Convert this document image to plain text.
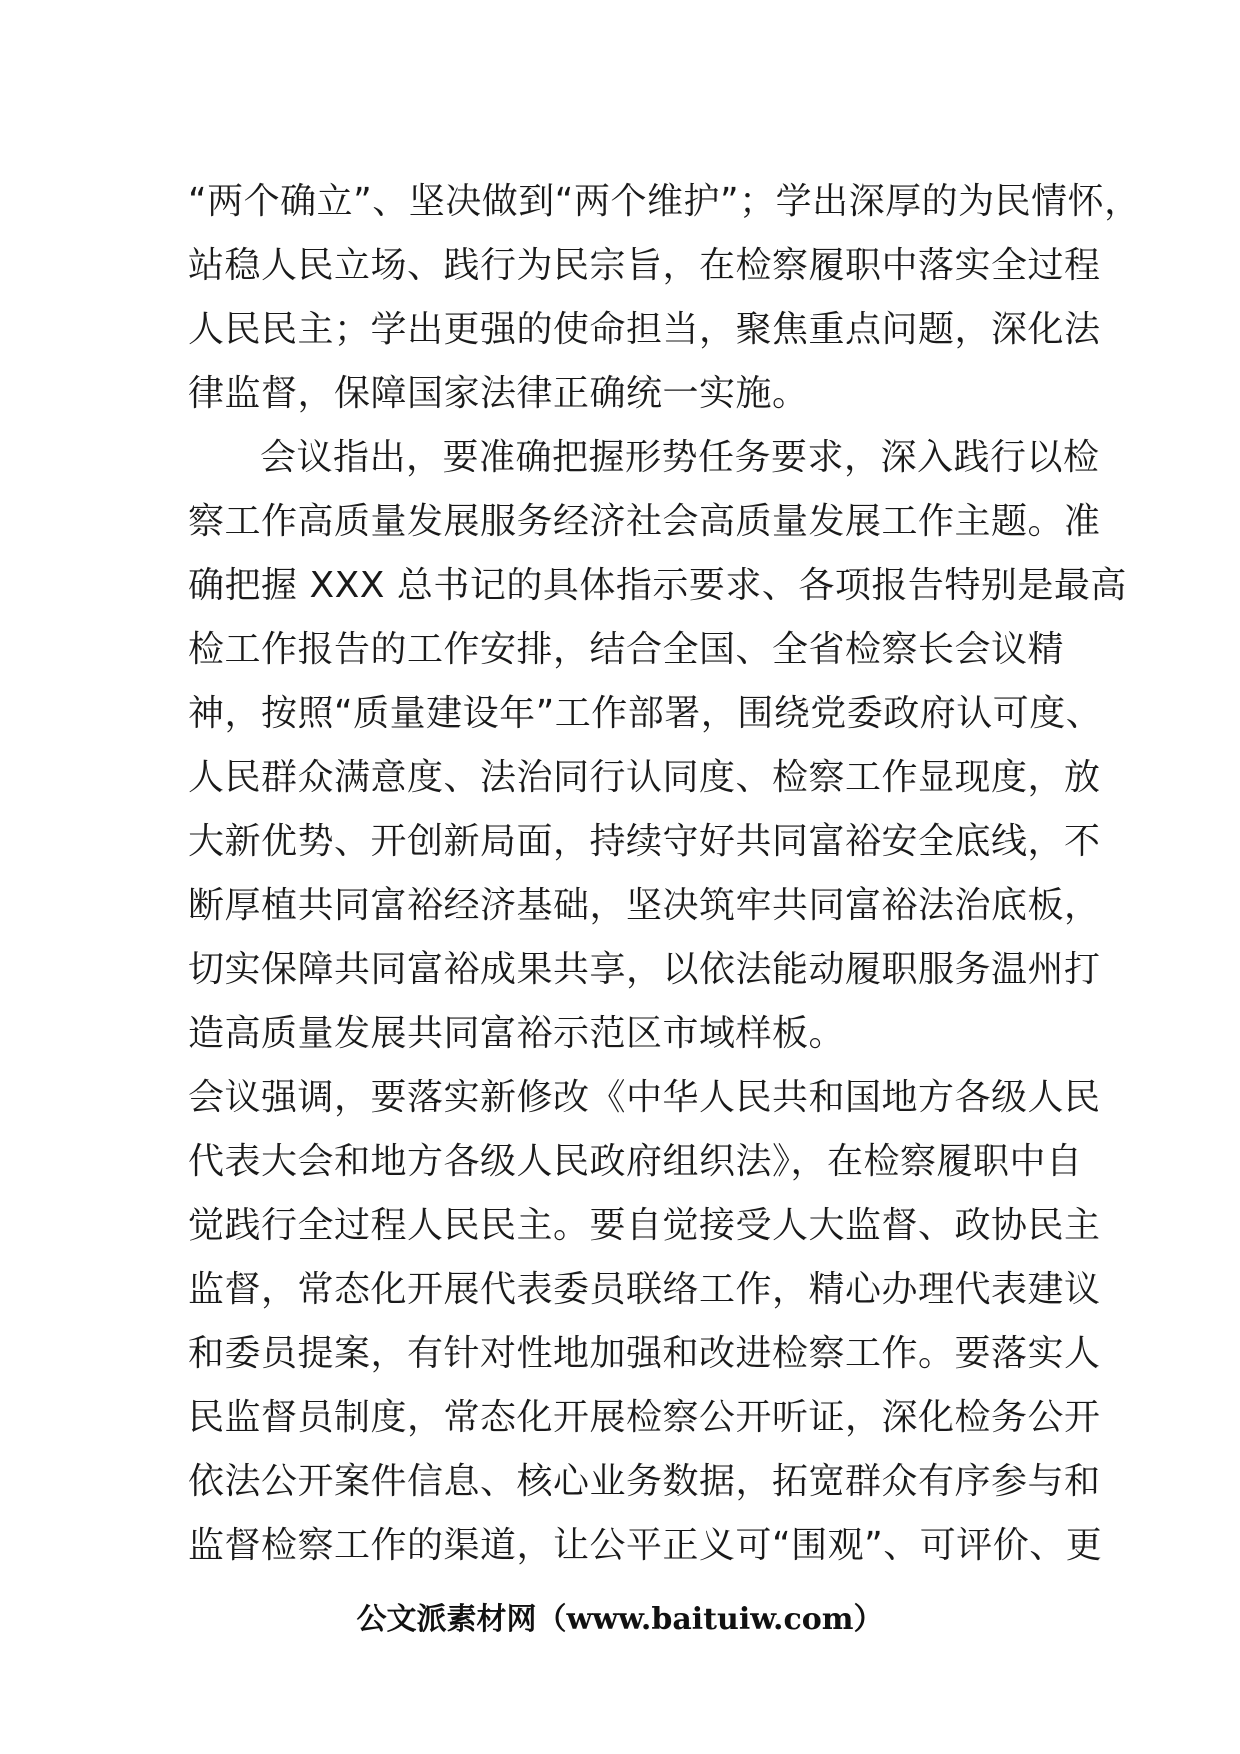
“两个确立”、坚决做到“两个维护”；学出深厚的为民情怀，
站稳人民立场、践行为民宗旨，在检察履职中落实全过程
人民民主；学出更强的使命担当，聚焦重点问题，深化法
律监督，保障国家法律正确统一实施。
会议指出，要准确把握形势任务要求，深入践行以检
察工作高质量发展服务经济社会高质量发展工作主题。准
确把握 XXX 总书记的具体指示要求、各项报告特别是最高
检工作报告的工作安排，结合全国、全省检察长会议精
神，按照“质量建设年”工作部署，围绕党委政府认可度、
人民群众满意度、法治同行认同度、检察工作显现度，放
大新优势、开创新局面，持续守好共同富裕安全底线，不
断厚植共同富裕经济基础，坚决筑牢共同富裕法治底板，
切实保障共同富裕成果共享，以依法能动履职服务温州打
造高质量发展共同富裕示范区市域样板。
会议强调，要落实新修改《中华人民共和国地方各级人民
代表大会和地方各级人民政府组织法》，在检察履职中自
觉践行全过程人民民主。要自觉接受人大监督、政协民主
监督，常态化开展代表委员联络工作，精心办理代表建议
和委员提案，有针对性地加强和改进检察工作。要落实人
民监督员制度，常态化开展检察公开听证，深化检务公开
依法公开案件信息、核心业务数据，拓宽群众有序参与和
监督检察工作的渠道，让公平正义可“围观”、可评价、更
公文派素材网（www.baituiw.com）
